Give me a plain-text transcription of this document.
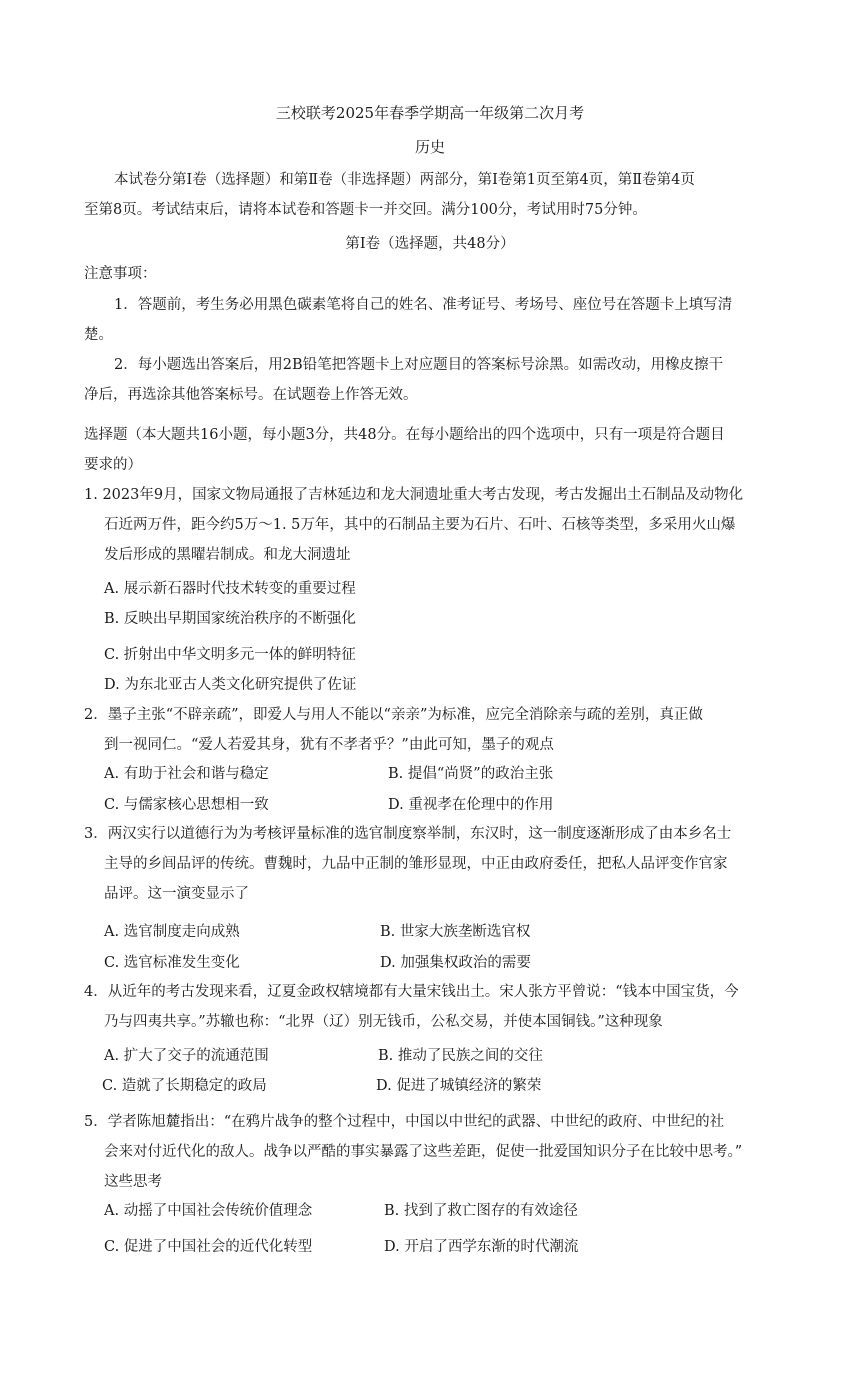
三校联考2025年春季学期高一年级第二次月考
历史
本试卷分第Ⅰ卷（选择题）和第Ⅱ卷（非选择题）两部分，第Ⅰ卷第1页至第4页，第Ⅱ卷第4页
至第8页。考试结束后，请将本试卷和答题卡一并交回。满分100分，考试用时75分钟。
第Ⅰ卷（选择题，共48分）
注意事项：
1．答题前，考生务必用黑色碳素笔将自己的姓名、准考证号、考场号、座位号在答题卡上填写清
楚。
2．每小题选出答案后，用2B铅笔把答题卡上对应题目的答案标号涂黑。如需改动，用橡皮擦干
净后，再选涂其他答案标号。在试题卷上作答无效。
选择题（本大题共16小题，每小题3分，共48分。在每小题给出的四个选项中，只有一项是符合题目
要求的）
1. 2023年9月，国家文物局通报了吉林延边和龙大洞遗址重大考古发现，考古发掘出土石制品及动物化
石近两万件，距今约5万～1. 5万年，其中的石制品主要为石片、石叶、石核等类型，多采用火山爆
发后形成的黑曜岩制成。和龙大洞遗址
A. 展示新石器时代技术转变的重要过程
B. 反映出早期国家统治秩序的不断强化
C. 折射出中华文明多元一体的鲜明特征
D. 为东北亚古人类文化研究提供了佐证
2．墨子主张“不辟亲疏”，即爱人与用人不能以“亲亲”为标准，应完全消除亲与疏的差别，真正做
到一视同仁。“爱人若爱其身，犹有不孝者乎？”由此可知，墨子的观点
A. 有助于社会和谐与稳定	B. 提倡“尚贤”的政治主张
C. 与儒家核心思想相一致	D. 重视孝在伦理中的作用
3．两汉实行以道德行为为考核评量标准的选官制度察举制，东汉时，这一制度逐渐形成了由本乡名士
主导的乡闾品评的传统。曹魏时，九品中正制的雏形显现，中正由政府委任，把私人品评变作官家
品评。这一演变显示了
A. 选官制度走向成熟	B. 世家大族垄断选官权
C. 选官标准发生变化	D. 加强集权政治的需要
4．从近年的考古发现来看，辽夏金政权辖境都有大量宋钱出土。宋人张方平曾说：“钱本中国宝货，今
乃与四夷共享。”苏辙也称：“北界（辽）别无钱币，公私交易，并使本国铜钱。”这种现象
A. 扩大了交子的流通范围	B. 推动了民族之间的交往
C. 造就了长期稳定的政局	D. 促进了城镇经济的繁荣
5．学者陈旭麓指出：“在鸦片战争的整个过程中，中国以中世纪的武器、中世纪的政府、中世纪的社
会来对付近代化的敌人。战争以严酷的事实暴露了这些差距，促使一批爱国知识分子在比较中思考。”
这些思考
A. 动摇了中国社会传统价值理念	B. 找到了救亡图存的有效途径
C. 促进了中国社会的近代化转型	D. 开启了西学东渐的时代潮流
